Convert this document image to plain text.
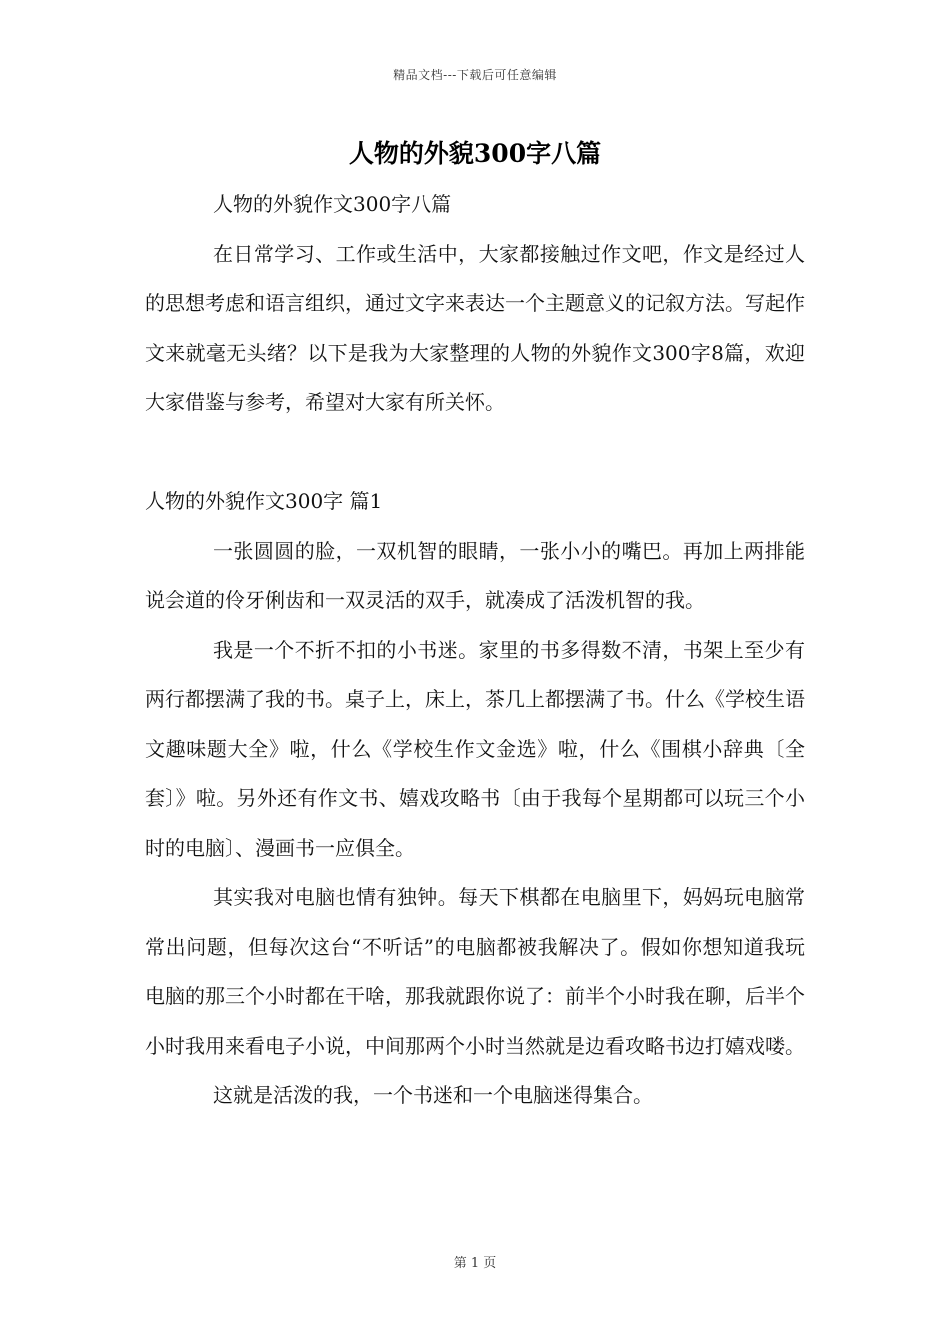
精品文档---下载后可任意编辑
人物的外貌300字八篇

人物的外貌作文300字八篇

在日常学习、工作或生活中，大家都接触过作文吧，作文是经过人的思想考虑和语言组织，通过文字来表达一个主题意义的记叙方法。写起作文来就毫无头绪？以下是我为大家整理的人物的外貌作文300字8篇，欢迎大家借鉴与参考，希望对大家有所关怀。

人物的外貌作文300字 篇1

一张圆圆的脸，一双机智的眼睛，一张小小的嘴巴。再加上两排能说会道的伶牙俐齿和一双灵活的双手，就凑成了活泼机智的我。

我是一个不折不扣的小书迷。家里的书多得数不清，书架上至少有两行都摆满了我的书。桌子上，床上，茶几上都摆满了书。什么《学校生语文趣味题大全》啦，什么《学校生作文金选》啦，什么《围棋小辞典〔全套〕》啦。另外还有作文书、嬉戏攻略书〔由于我每个星期都可以玩三个小时的电脑〕、漫画书一应俱全。

其实我对电脑也情有独钟。每天下棋都在电脑里下，妈妈玩电脑常常出问题，但每次这台“不听话”的电脑都被我解决了。假如你想知道我玩电脑的那三个小时都在干啥，那我就跟你说了：前半个小时我在聊，后半个小时我用来看电子小说，中间那两个小时当然就是边看攻略书边打嬉戏喽。

这就是活泼的我，一个书迷和一个电脑迷得集合。

第 1 页
